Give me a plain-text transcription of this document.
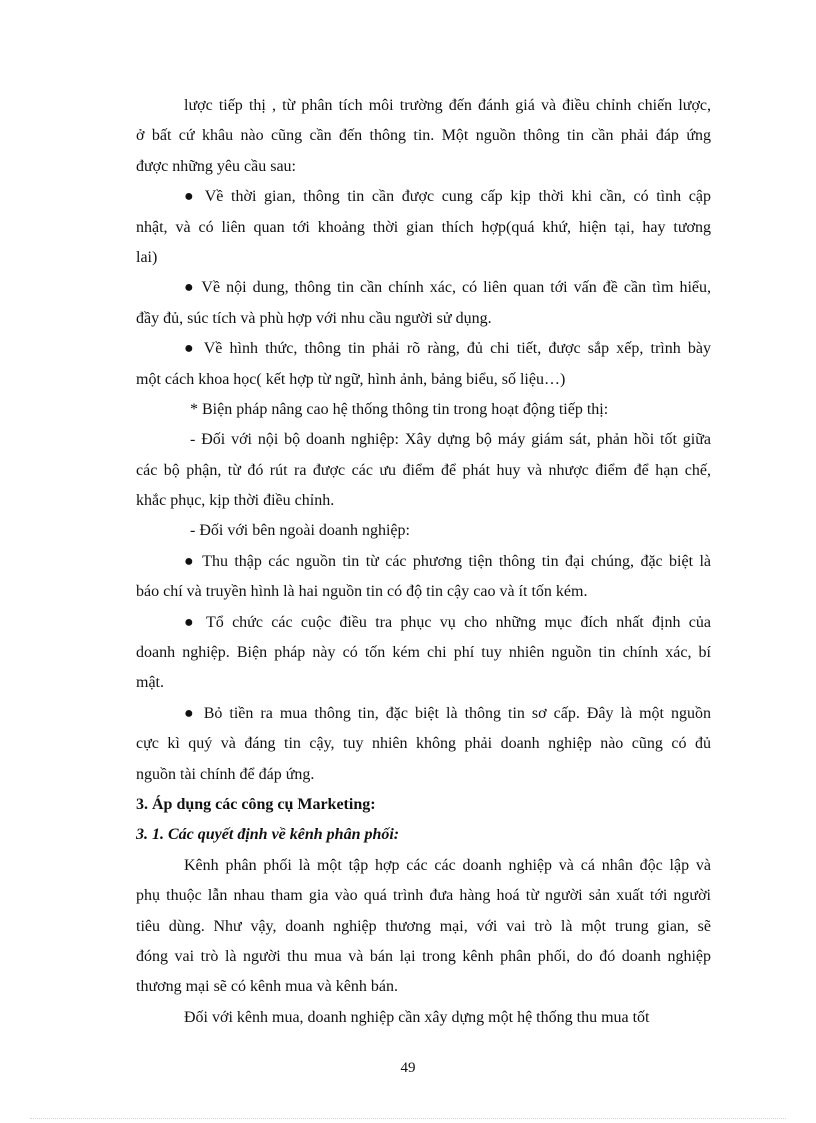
lược tiếp thị , từ phân tích môi trường đến đánh giá và điều chỉnh chiến lược,
ở bất cứ khâu nào cũng cần đến thông tin. Một nguồn thông tin cần phải đáp ứng
được những yêu cầu sau:
● Về thời gian, thông tin cần được cung cấp kịp thời khi cần, có tình cập
nhật, và có liên quan tới khoảng thời gian thích hợp(quá khứ, hiện tại, hay tương
lai)
● Về nội dung, thông tin cần chính xác, có liên quan tới vấn đề cần tìm hiểu,
đầy đủ, súc tích và phù hợp với nhu cầu người sử dụng.
● Về hình thức, thông tin phải rõ ràng, đủ chi tiết, được sắp xếp, trình bày
một cách khoa học( kết hợp từ ngữ, hình ảnh, bảng biểu, số liệu…)
* Biện pháp nâng cao hệ thống thông tin trong hoạt động tiếp thị:
- Đối với nội bộ doanh nghiệp: Xây dựng bộ máy giám sát, phản hồi tốt giữa
các bộ phận, từ đó rút ra được các ưu điểm để phát huy và nhược điểm để hạn chế,
khắc phục, kịp thời điều chỉnh.
- Đối với bên ngoài doanh nghiệp:
● Thu thập các nguồn tin từ các phương tiện thông tin đại chúng, đặc biệt là
báo chí và truyền hình là hai nguồn tin có độ tin cậy cao và ít tốn kém.
● Tổ chức các cuộc điều tra phục vụ cho những mục đích nhất định của
doanh nghiệp. Biện pháp này có tốn kém chi phí tuy nhiên nguồn tin chính xác, bí
mật.
● Bỏ tiền ra mua thông tin, đặc biệt là thông tin sơ cấp. Đây là một nguồn
cực kì quý và đáng tin cậy, tuy nhiên không phải doanh nghiệp nào cũng có đủ
nguồn tài chính để đáp ứng.
3. Áp dụng các công cụ Marketing:
3. 1. Các quyết định về kênh phân phối:
Kênh phân phối là một tập hợp các các doanh nghiệp và cá nhân độc lập và
phụ thuộc lẫn nhau tham gia vào quá trình đưa hàng hoá từ người sản xuất tới người
tiêu dùng. Như vậy, doanh nghiệp thương mại, với vai trò là một trung gian, sẽ
đóng vai trò là người thu mua và bán lại trong kênh phân phối, do đó doanh nghiệp
thương mại sẽ có kênh mua và kênh bán.
Đối với kênh mua, doanh nghiệp cần xây dựng một hệ thống thu mua tốt
49
